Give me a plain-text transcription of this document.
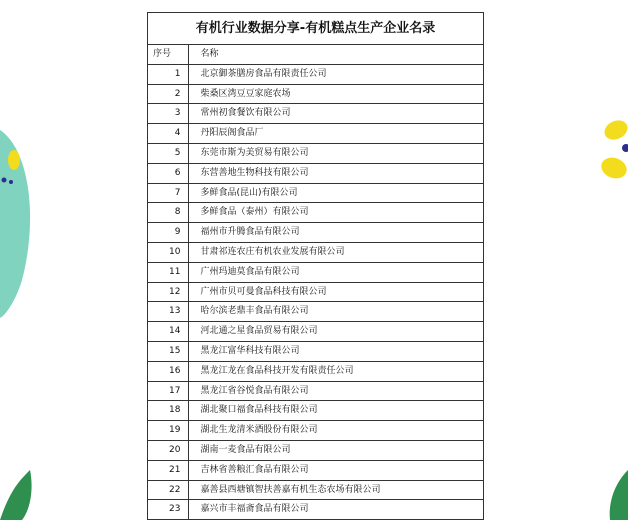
有机行业数据分享-有机糕点生产企业名录
序号	名称
1	北京御茶膳房食品有限责任公司
2	柴桑区湾豆豆家庭农场
3	常州初食餐饮有限公司
4	丹阳辰阁食品厂
5	东莞市斯为美贸易有限公司
6	东营善地生物科技有限公司
7	多鲜食品(昆山)有限公司
8	多鲜食品（泰州）有限公司
9	福州市升腾食品有限公司
10	甘肃祁连农庄有机农业发展有限公司
11	广州玛迪莫食品有限公司
12	广州市贝可曼食品科技有限公司
13	哈尔滨老鼎丰食品有限公司
14	河北通之星食品贸易有限公司
15	黑龙江富华科技有限公司
16	黑龙江龙在食品科技开发有限责任公司
17	黑龙江省谷悦食品有限公司
18	湖北聚口福食品科技有限公司
19	湖北生龙清米酒股份有限公司
20	湖南一麦食品有限公司
21	吉林省善粮汇食品有限公司
22	嘉善县西塘镇智扶善嘉有机生态农场有限公司
23	嘉兴市丰福斋食品有限公司
